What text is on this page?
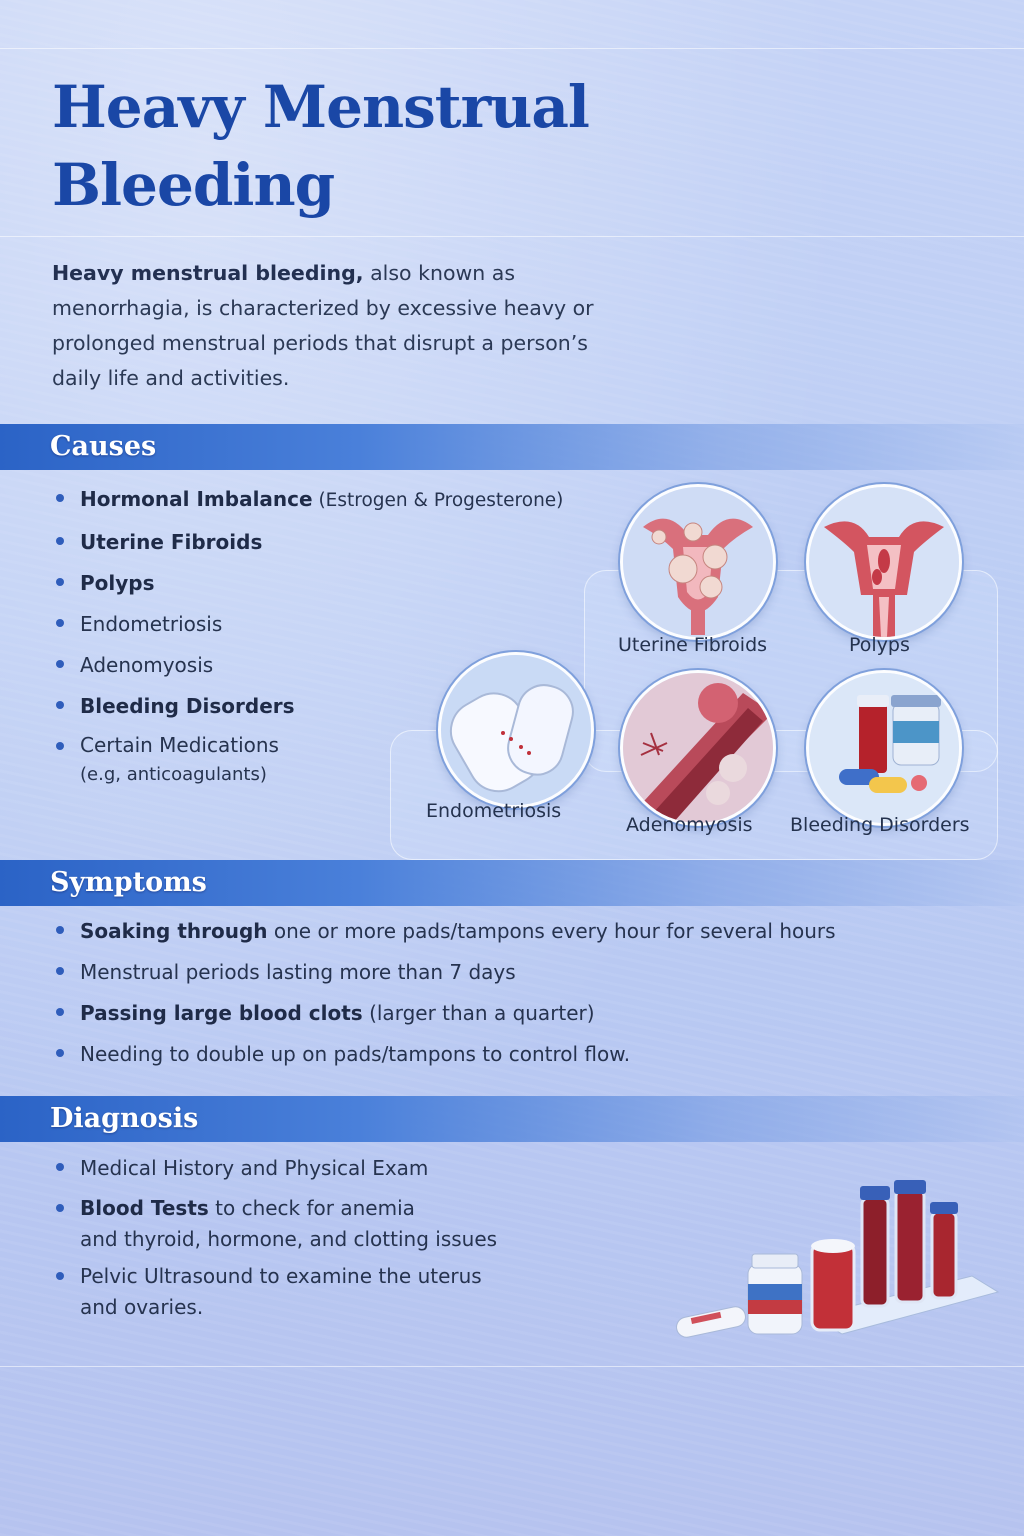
Heavy Menstrual
Bleeding

Heavy menstrual bleeding, also known as menorrhagia, is characterized by excessive heavy or prolonged menstrual periods that disrupt a person’s daily life and activities.

Causes
Hormonal Imbalance (Estrogen & Progesterone)
Uterine Fibroids
Polyps
Endometriosis
Adenomyosis
Bleeding Disorders
Certain Medications
(e.g, anticoagulants)
Uterine Fibroids	Polyps
Endometriosis
Adenomyosis Bleeding Disorders
Symptoms
Soaking through one or more pads/tampons every hour for several hours
Menstrual periods lasting more than 7 days
Passing large blood clots (larger than a quarter)
Needing to double up on pads/tampons to control flow.
Diagnosis
Medical History and Physical Exam
Blood Tests to check for anemia
and thyroid, hormone, and clotting issues
Pelvic Ultrasound to examine the uterus
and ovaries.
